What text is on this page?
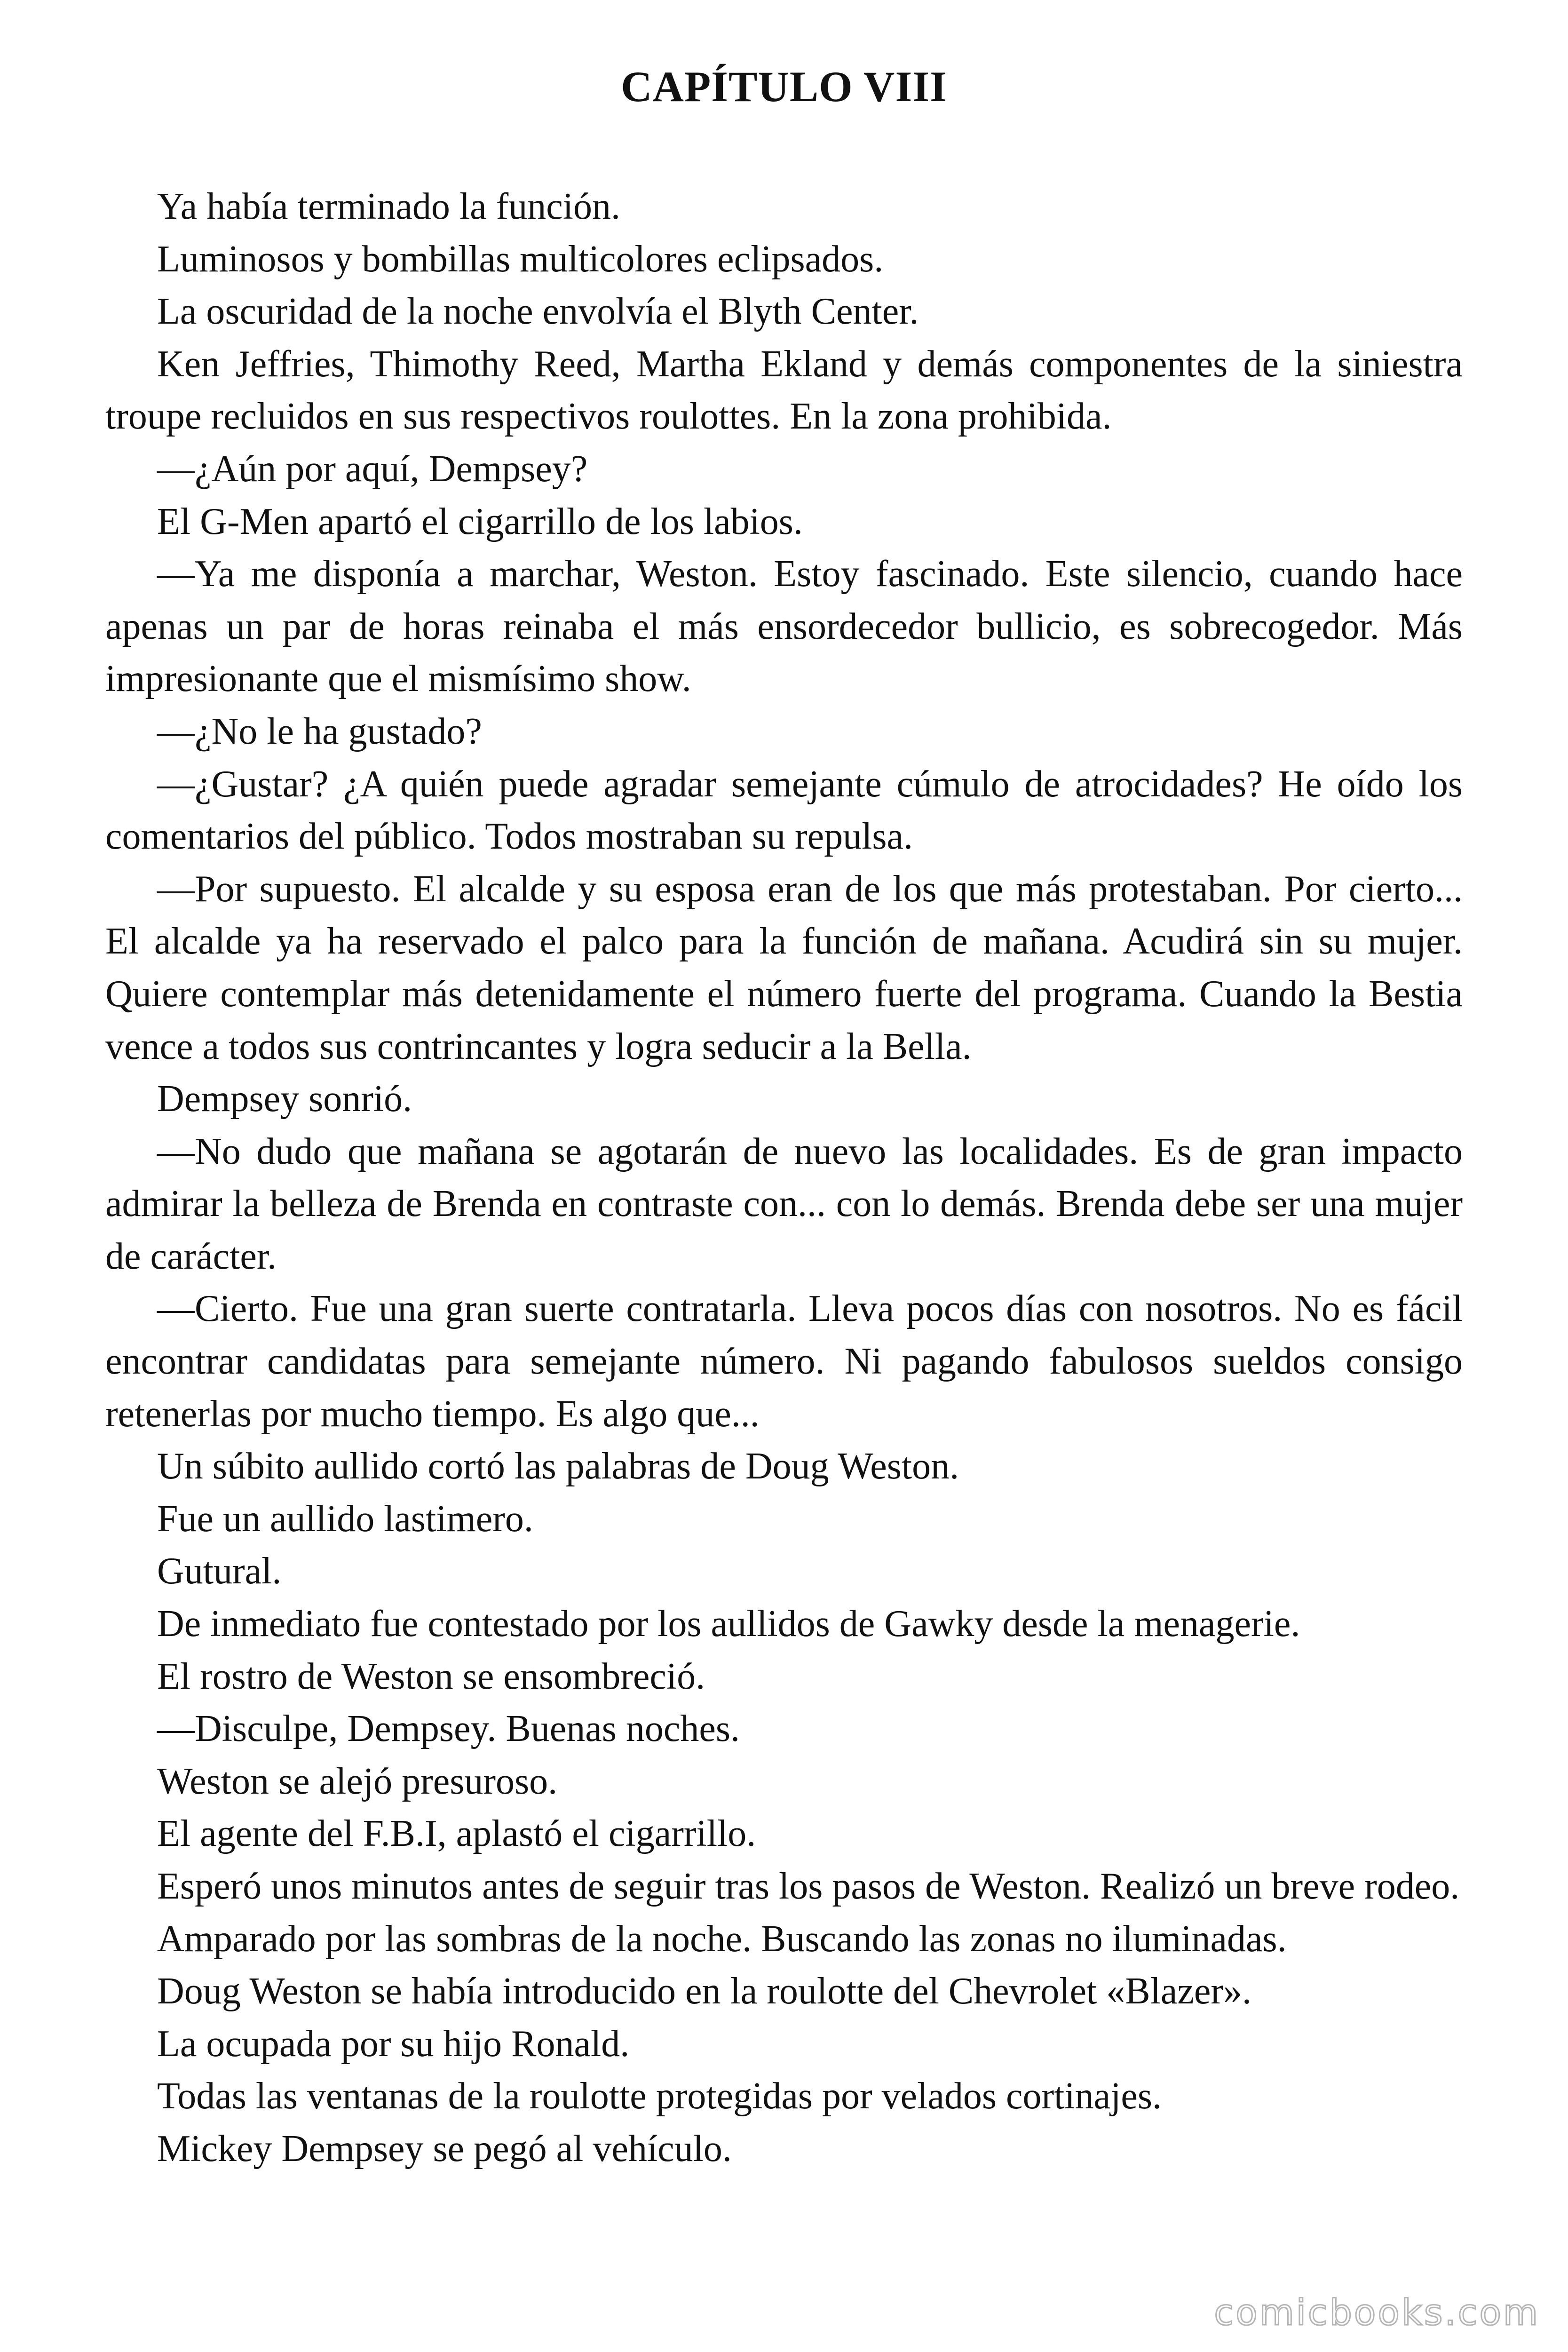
CAPÍTULO VIII

Ya había terminado la función.

Luminosos y bombillas multicolores eclipsados.

La oscuridad de la noche envolvía el Blyth Center.

Ken Jeffries, Thimothy Reed, Martha Ekland y demás componentes de la siniestra troupe recluidos en sus respectivos roulottes. En la zona prohibida.

—¿Aún por aquí, Dempsey?

El G-Men apartó el cigarrillo de los labios.

—Ya me disponía a marchar, Weston. Estoy fascinado. Este silencio, cuando hace apenas un par de horas reinaba el más ensordecedor bullicio, es sobrecogedor. Más impresionante que el mismísimo show.

—¿No le ha gustado?

—¿Gustar? ¿A quién puede agradar semejante cúmulo de atrocidades? He oído los comentarios del público. Todos mostraban su repulsa.

—Por supuesto. El alcalde y su esposa eran de los que más protestaban. Por cierto... El alcalde ya ha reservado el palco para la función de mañana. Acudirá sin su mujer. Quiere contemplar más detenidamente el número fuerte del programa. Cuando la Bestia vence a todos sus contrincantes y logra seducir a la Bella.

Dempsey sonrió.

—No dudo que mañana se agotarán de nuevo las localidades. Es de gran impacto admirar la belleza de Brenda en contraste con... con lo demás. Brenda debe ser una mujer de carácter.

—Cierto. Fue una gran suerte contratarla. Lleva pocos días con nosotros. No es fácil encontrar candidatas para semejante número. Ni pagando fabulosos sueldos consigo retenerlas por mucho tiempo. Es algo que...

Un súbito aullido cortó las palabras de Doug Weston.

Fue un aullido lastimero.

Gutural.

De inmediato fue contestado por los aullidos de Gawky desde la menagerie.

El rostro de Weston se ensombreció.

—Disculpe, Dempsey. Buenas noches.

Weston se alejó presuroso.

El agente del F.B.I, aplastó el cigarrillo.

Esperó unos minutos antes de seguir tras los pasos de Weston. Realizó un breve rodeo.

Amparado por las sombras de la noche. Buscando las zonas no iluminadas.

Doug Weston se había introducido en la roulotte del Chevrolet «Blazer».

La ocupada por su hijo Ronald.

Todas las ventanas de la roulotte protegidas por velados cortinajes.

Mickey Dempsey se pegó al vehículo.

comicbooks.com
